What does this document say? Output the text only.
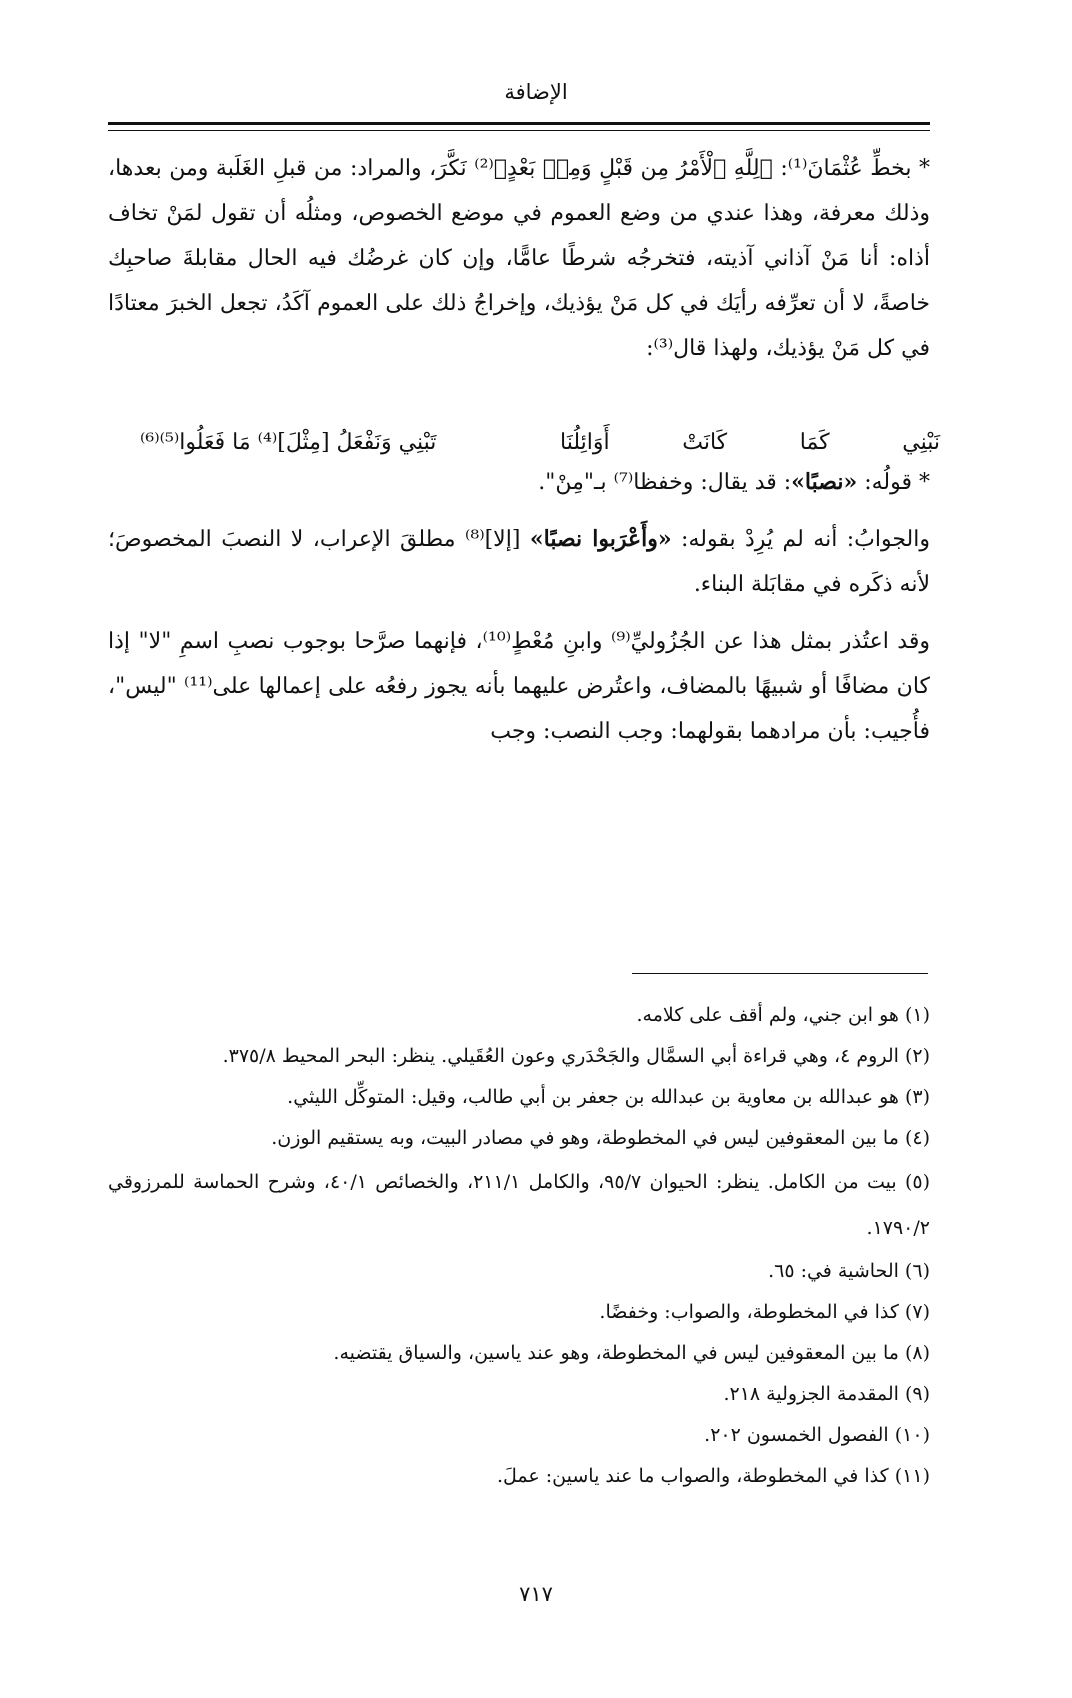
الإضافة

* بخطِّ عُثْمَانَ⁽¹⁾: ﴿لِلَّهِ ٱلْأَمْرُ مِن قَبْلٍ وَمِنۢ بَعْدٍ﴾⁽²⁾ نَكَّرَ، والمراد: من قبلِ الغَلَبة ومن بعدها، وذلك معرفة، وهذا عندي من وضع العموم في موضع الخصوص، ومثلُه أن تقول لمَنْ تخاف أذاه: أنا مَنْ آذاني آذيته، فتخرجُه شرطًا عامًّا، وإن كان غرضُك فيه الحال مقابلةَ صاحبِك خاصةً، لا أن تعرِّفه رأيَك في كل مَنْ يؤذيك، وإخراجُ ذلك على العموم آكَدُ، تجعل الخبرَ معتادًا في كل مَنْ يؤذيك، ولهذا قال⁽³⁾:

نَبْنِي
كَمَا
كَانَتْ
أَوَائِلُنَا
تَبْنِي وَنَفْعَلُ [مِثْلَ]⁽⁴⁾ مَا فَعَلُوا⁽⁵⁾⁽⁶⁾

* قولُه: «نصبًا»: قد يقال: وخفظا⁽⁷⁾ بـ"مِنْ".

والجوابُ: أنه لم يُرِدْ بقوله: «وأَعْرَبوا نصبًا» [إلا]⁽⁸⁾ مطلقَ الإعراب، لا النصبَ المخصوصَ؛ لأنه ذكَره في مقابَلة البناء.

وقد اعتُذر بمثل هذا عن الجُزُوليِّ⁽⁹⁾ وابنِ مُعْطٍ⁽¹⁰⁾، فإنهما صرَّحا بوجوب نصبِ اسمِ "لا" إذا كان مضافًا أو شبيهًا بالمضاف، واعتُرض عليهما بأنه يجوز رفعُه على إعمالها على⁽¹¹⁾ "ليس"، فأُجيب: بأن مرادهما بقولهما: وجب النصب: وجب

(١) هو ابن جني، ولم أقف على كلامه.

(٢) الروم ٤، وهي قراءة أبي السمَّال والجَحْدَري وعون العُقَيلي. ينظر: البحر المحيط ٣٧٥/٨.

(٣) هو عبدالله بن معاوية بن عبدالله بن جعفر بن أبي طالب، وقيل: المتوكِّل الليثي.

(٤) ما بين المعقوفين ليس في المخطوطة، وهو في مصادر البيت، وبه يستقيم الوزن.

(٥) بيت من الكامل. ينظر: الحيوان ٩٥/٧، والكامل ٢١١/١، والخصائص ٤٠/١، وشرح الحماسة للمرزوقي ١٧٩٠/٢.

(٦) الحاشية في: ٦٥.

(٧) كذا في المخطوطة، والصواب: وخفضًا.

(٨) ما بين المعقوفين ليس في المخطوطة، وهو عند ياسين، والسياق يقتضيه.

(٩) المقدمة الجزولية ٢١٨.

(١٠) الفصول الخمسون ٢٠٢.

(١١) كذا في المخطوطة، والصواب ما عند ياسين: عملَ.

٧١٧
